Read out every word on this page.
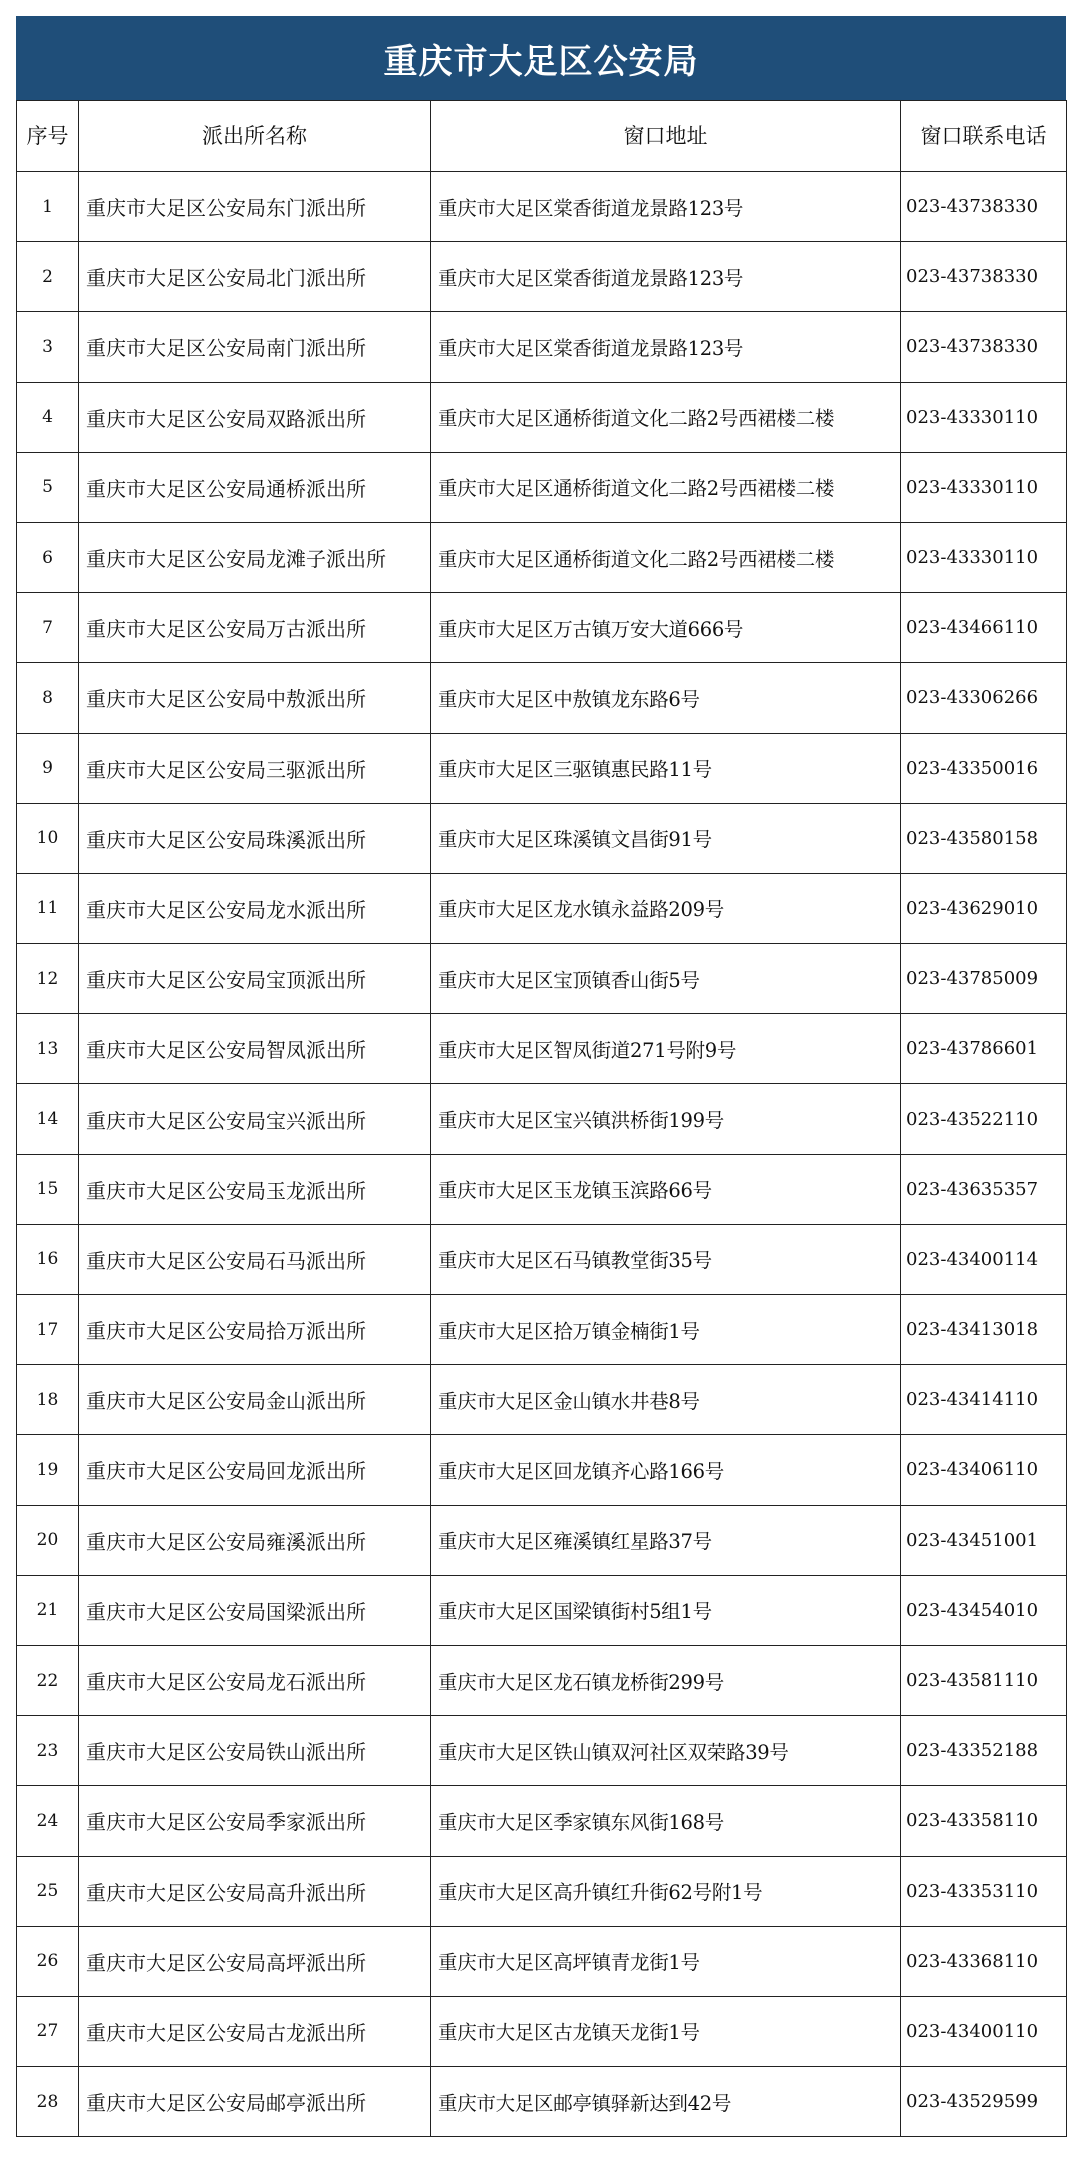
重庆市大足区公安局
序号	派出所名称	窗口地址	窗口联系电话
1	重庆市大足区公安局东门派出所	重庆市大足区棠香街道龙景路123号	023-43738330
2	重庆市大足区公安局北门派出所	重庆市大足区棠香街道龙景路123号	023-43738330
3	重庆市大足区公安局南门派出所	重庆市大足区棠香街道龙景路123号	023-43738330
4	重庆市大足区公安局双路派出所	重庆市大足区通桥街道文化二路2号西裙楼二楼	023-43330110
5	重庆市大足区公安局通桥派出所	重庆市大足区通桥街道文化二路2号西裙楼二楼	023-43330110
6	重庆市大足区公安局龙滩子派出所	重庆市大足区通桥街道文化二路2号西裙楼二楼	023-43330110
7	重庆市大足区公安局万古派出所	重庆市大足区万古镇万安大道666号	023-43466110
8	重庆市大足区公安局中敖派出所	重庆市大足区中敖镇龙东路6号	023-43306266
9	重庆市大足区公安局三驱派出所	重庆市大足区三驱镇惠民路11号	023-43350016
10	重庆市大足区公安局珠溪派出所	重庆市大足区珠溪镇文昌街91号	023-43580158
11	重庆市大足区公安局龙水派出所	重庆市大足区龙水镇永益路209号	023-43629010
12	重庆市大足区公安局宝顶派出所	重庆市大足区宝顶镇香山街5号	023-43785009
13	重庆市大足区公安局智凤派出所	重庆市大足区智凤街道271号附9号	023-43786601
14	重庆市大足区公安局宝兴派出所	重庆市大足区宝兴镇洪桥街199号	023-43522110
15	重庆市大足区公安局玉龙派出所	重庆市大足区玉龙镇玉滨路66号	023-43635357
16	重庆市大足区公安局石马派出所	重庆市大足区石马镇教堂街35号	023-43400114
17	重庆市大足区公安局拾万派出所	重庆市大足区拾万镇金楠街1号	023-43413018
18	重庆市大足区公安局金山派出所	重庆市大足区金山镇水井巷8号	023-43414110
19	重庆市大足区公安局回龙派出所	重庆市大足区回龙镇齐心路166号	023-43406110
20	重庆市大足区公安局雍溪派出所	重庆市大足区雍溪镇红星路37号	023-43451001
21	重庆市大足区公安局国梁派出所	重庆市大足区国梁镇街村5组1号	023-43454010
22	重庆市大足区公安局龙石派出所	重庆市大足区龙石镇龙桥街299号	023-43581110
23	重庆市大足区公安局铁山派出所	重庆市大足区铁山镇双河社区双荣路39号	023-43352188
24	重庆市大足区公安局季家派出所	重庆市大足区季家镇东风街168号	023-43358110
25	重庆市大足区公安局高升派出所	重庆市大足区高升镇红升街62号附1号	023-43353110
26	重庆市大足区公安局高坪派出所	重庆市大足区高坪镇青龙街1号	023-43368110
27	重庆市大足区公安局古龙派出所	重庆市大足区古龙镇天龙街1号	023-43400110
28	重庆市大足区公安局邮亭派出所	重庆市大足区邮亭镇驿新达到42号	023-43529599
